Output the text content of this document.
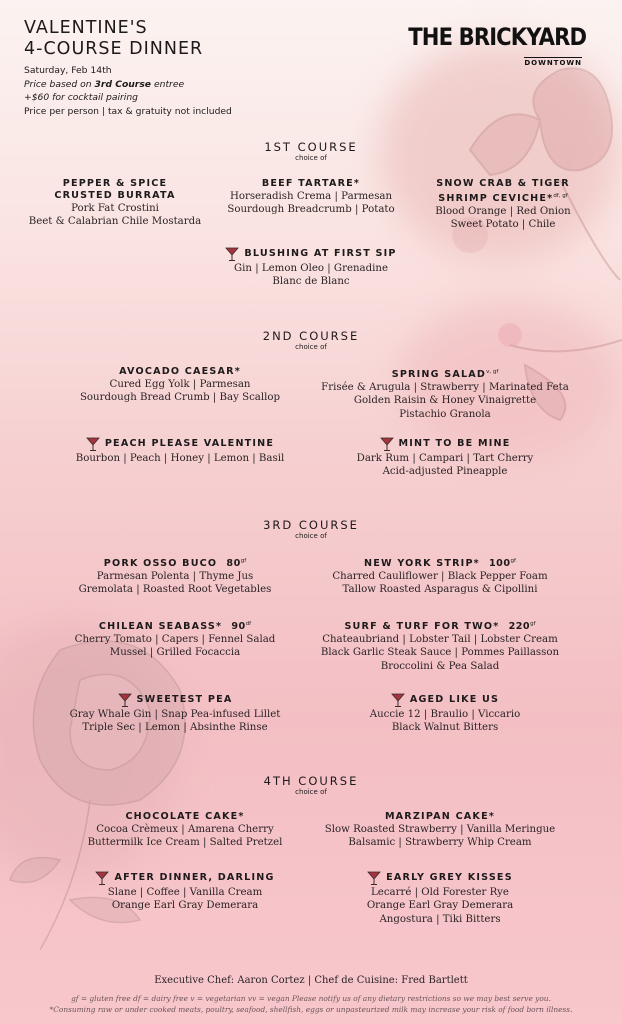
VALENTINE'S
4-COURSE DINNER
Saturday, Feb 14th
Price based on 3rd Course entree
+$60 for cocktail pairing
Price per person | tax & gratuity not included
THE BRICKYARD
DOWNTOWN
1ST COURSE
choice of
PEPPER & SPICE
CRUSTED BURRATA
Pork Fat Crostini
Beet & Calabrian Chile Mostarda
BEEF TARTARE*
Horseradish Crema | Parmesan
Sourdough Breadcrumb | Potato
SNOW CRAB & TIGER
SHRIMP CEVICHE*$^{df, gf}$
Blood Orange | Red Onion
Sweet Potato | Chile
BLUSHING AT FIRST SIP
Gin | Lemon Oleo | Grenadine
Blanc de Blanc
2ND COURSE
choice of
AVOCADO CAESAR*
Cured Egg Yolk | Parmesan
Sourdough Bread Crumb | Bay Scallop
SPRING $SALAD^{v, gf}$
Frisée & Arugula | Strawberry | Marinated Feta
Golden Raisin & Honey Vinaigrette
Pistachio Granola
PEACH PLEASE VALENTINE
Bourbon | Peach | Honey | Lemon | Basil
MINT TO BE MINE
Dark Rum | Campari | Tart Cherry
Acid-adjusted Pineapple
3RD COURSE
choice of
PORK OSSO BUCO $80^{gf}$
Parmesan Polenta | Thyme Jus
Gremolata | Roasted Root Vegetables
NEW YORK STRIP* $100^{gf}$
Charred Cauliflower | Black Pepper Foam
Tallow Roasted Asparagus & Cipollini
CHILEAN SEABASS* $90^{df}$
Cherry Tomato | Capers | Fennel Salad
Mussel | Grilled Focaccia
SURF & TURF FOR TWO* $220^{gf}$
Chateaubriand | Lobster Tail | Lobster Cream
Black Garlic Steak Sauce | Pommes Paillasson
Broccolini & Pea Salad
SWEETEST PEA
Gray Whale Gin | Snap Pea-infused Lillet
Triple Sec | Lemon | Absinthe Rinse
AGED LIKE US
Auccie 12 | Braulio | Viccario
Black Walnut Bitters
4TH COURSE
choice of
CHOCOLATE CAKE*
Cocoa Crèmeux | Amarena Cherry
Buttermilk Ice Cream | Salted Pretzel
MARZIPAN CAKE*
Slow Roasted Strawberry | Vanilla Meringue
Balsamic | Strawberry Whip Cream
AFTER DINNER, DARLING
Slane | Coffee | Vanilla Cream
Orange Earl Gray Demerara
EARLY GREY KISSES
Lecarré | Old Forester Rye
Orange Earl Gray Demerara
Angostura | Tiki Bitters
Executive Chef: Aaron Cortez | Chef de Cuisine: Fred Bartlett
gf = gluten free df = dairy free v = vegetarian vv = vegan Please notify us of any dietary restrictions so we may best serve you.
*Consuming raw or under cooked meats, poultry, seafood, shellfish, eggs or unpasteurized milk may increase your risk of food born illness.
